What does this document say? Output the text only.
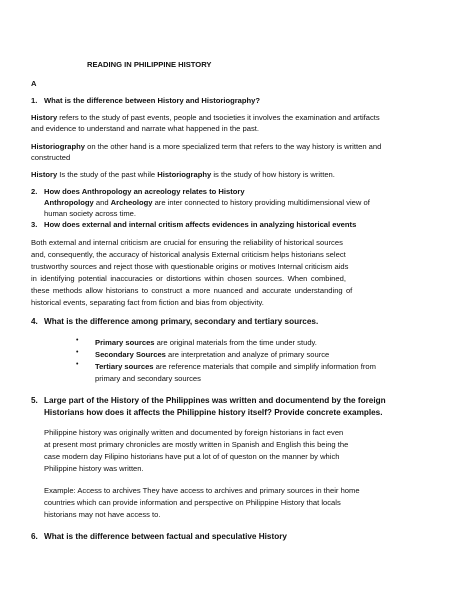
READING IN PHILIPPINE HISTORY
A
1. What is the difference between History and Historiography?
History refers to the study of past events, people and tsocieties it involves the examination and artifacts
and evidence to understand and narrate what happened in the past.
Historiography on the other hand is a more specialized term that refers to the way history is written and
constructed
History Is the study of the past while Historiography is the study of how history is written.
2. How does Anthropology an acreology relates to History
Anthropology and Archeology are inter connected to history providing multidimensional view of
human society across time.
3. How does external and internal critism affects evidences in analyzing historical events
Both external and internal criticism are crucial for ensuring the reliability of historical sources
and, consequently, the accuracy of historical analysis External criticism helps historians select
trustworthy sources and reject those with questionable origins or motives Internal criticism aids
in identifying potential inaccuracies or distortions within chosen sources. When combined,
these methods allow historians to construct a more nuanced and accurate understanding of
historical events, separating fact from fiction and bias from objectivity.
4. What is the difference among primary, secondary and tertiary sources.
• Primary sources are original materials from the time under study.
• Secondary Sources are interpretation and analyze of primary source
• Tertiary sources are reference materials that compile and simplify information from
primary and secondary sources
5. Large part of the History of the Philippines was written and documentend by the foreign
Historians how does it affects the Philippine history itself? Provide concrete examples.
Philippine history was originally written and documented by foreign historians in fact even
at present most primary chronicles are mostly written in Spanish and English this being the
case modern day Filipino historians have put a lot of of queston on the manner by which
Philippine history was written.
Example: Access to archives They have access to archives and primary sources in their home
countries which can provide information and perspective on Philippine History that locals
historians may not have access to.
6. What is the difference between factual and speculative History
